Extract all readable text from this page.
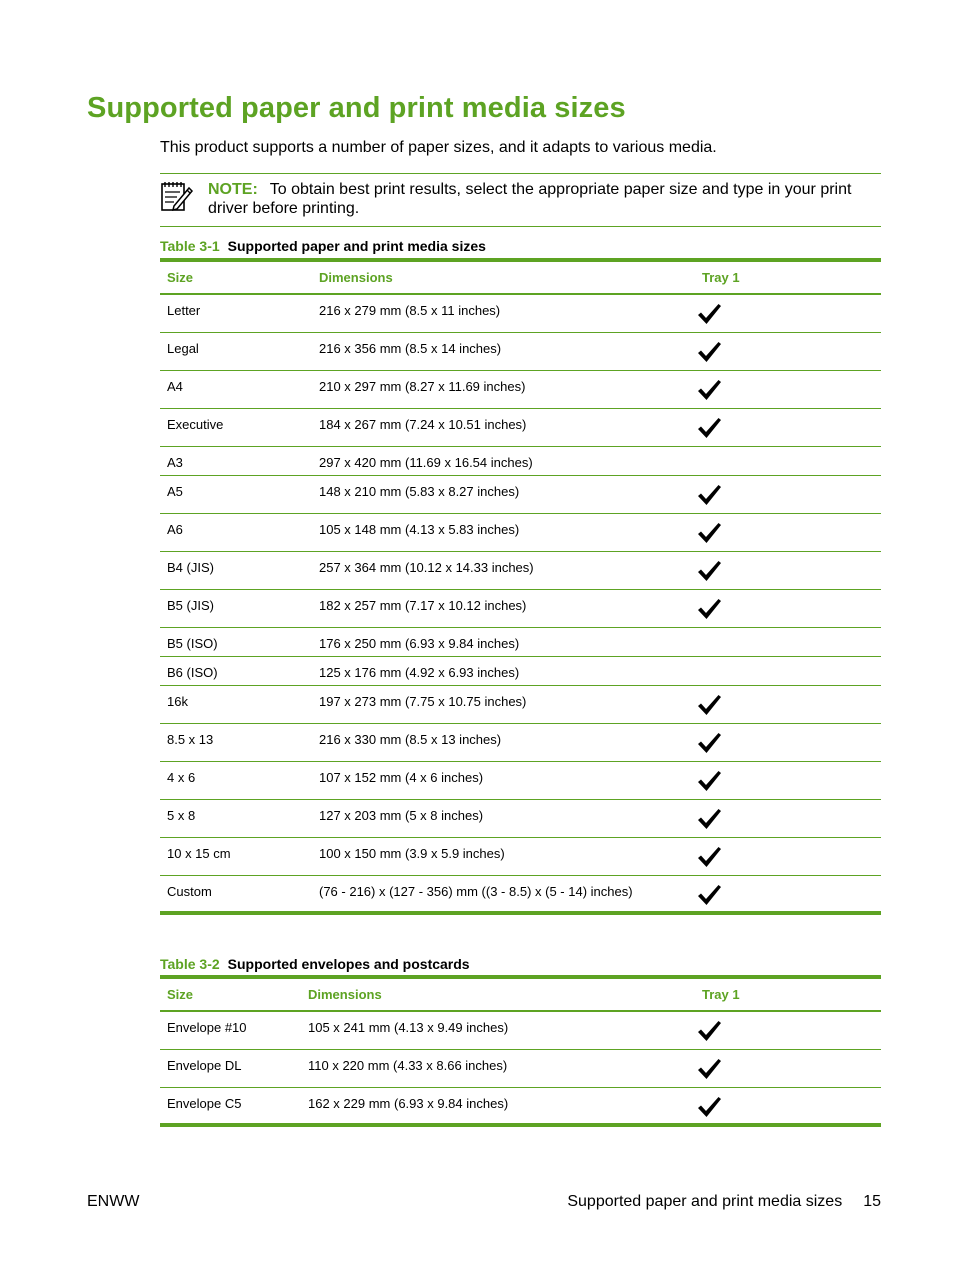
Supported paper and print media sizes

This product supports a number of paper sizes, and it adapts to various media.

NOTE: To obtain best print results, select the appropriate paper size and type in your print driver before printing.

Table 3-1 Supported paper and print media sizes

Size	Dimensions	Tray 1
Letter	216 x 279 mm (8.5 x 11 inches)	

Legal	216 x 356 mm (8.5 x 14 inches)	

A4	210 x 297 mm (8.27 x 11.69 inches)	

Executive	184 x 267 mm (7.24 x 10.51 inches)	

A3	297 x 420 mm (11.69 x 16.54 inches)	
A5	148 x 210 mm (5.83 x 8.27 inches)	

A6	105 x 148 mm (4.13 x 5.83 inches)	

B4 (JIS)	257 x 364 mm (10.12 x 14.33 inches)	

B5 (JIS)	182 x 257 mm (7.17 x 10.12 inches)	

B5 (ISO)	176 x 250 mm (6.93 x 9.84 inches)	
B6 (ISO)	125 x 176 mm (4.92 x 6.93 inches)	
16k	197 x 273 mm (7.75 x 10.75 inches)	

8.5 x 13	216 x 330 mm (8.5 x 13 inches)	

4 x 6	107 x 152 mm (4 x 6 inches)	

5 x 8	127 x 203 mm (5 x 8 inches)	

10 x 15 cm	100 x 150 mm (3.9 x 5.9 inches)	

Custom	(76 - 216) x (127 - 356) mm ((3 - 8.5) x (5 - 14) inches)	

Table 3-2 Supported envelopes and postcards

Size	Dimensions	Tray 1
Envelope #10	105 x 241 mm (4.13 x 9.49 inches)	

Envelope DL	110 x 220 mm (4.33 x 8.66 inches)	

Envelope C5	162 x 229 mm (6.93 x 9.84 inches)	
ENWW	Supported paper and print media sizes 15
